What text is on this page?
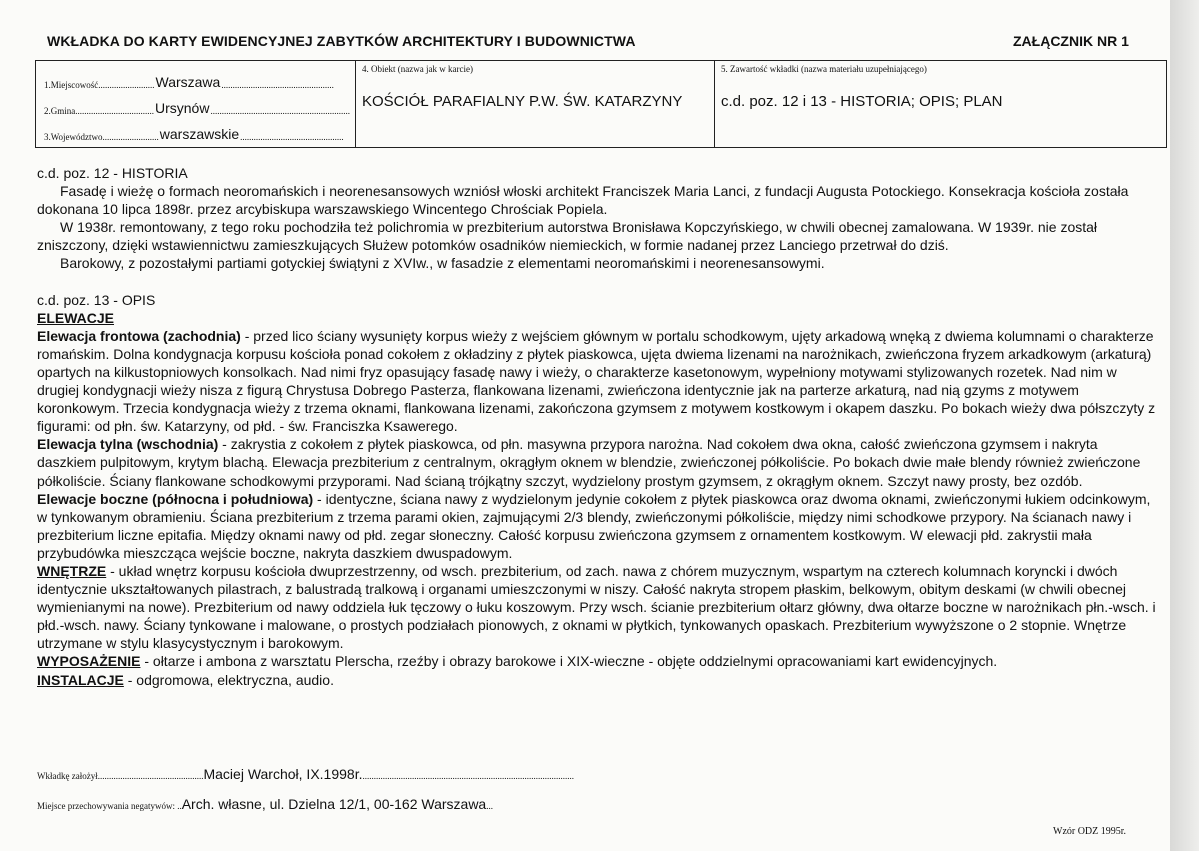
WKŁADKA DO KARTY EWIDENCYJNEJ ZABYTKÓW ARCHITEKTURY I BUDOWNICTWA	ZAŁĄCZNIK NR 1
1.Miejscowość ......................... Warszawa ..................................................
2.Gmina ................................... Ursynów ..............................................................
3.Województwo ......................... warszawskie ..............................................
4. Obiekt (nazwa jak w karcie)
KOŚCIÓŁ PARAFIALNY P.W. ŚW. KATARZYNY
5. Zawartość wkładki (nazwa materiału uzupełniającego)
c.d. poz. 12 i 13 - HISTORIA; OPIS; PLAN

c.d. poz. 12 - HISTORIA

Fasadę i wieżę o formach neoromańskich i neorenesansowych wzniósł włoski architekt Franciszek Maria Lanci, z fundacji Augusta Potockiego. Konsekracja kościoła została dokonana 10 lipca 1898r. przez arcybiskupa warszawskiego Wincentego Chrościak Popiela.

W 1938r. remontowany, z tego roku pochodziła też polichromia w prezbiterium autorstwa Bronisława Kopczyńskiego, w chwili obecnej zamalowana. W 1939r. nie został zniszczony, dzięki wstawiennictwu zamieszkujących Służew potomków osadników niemieckich, w formie nadanej przez Lanciego przetrwał do dziś.

Barokowy, z pozostałymi partiami gotyckiej świątyni z XVIw., w fasadzie z elementami neoromańskimi i neorenesansowymi.

c.d. poz. 13 - OPIS

ELEWACJE

Elewacja frontowa (zachodnia) - przed lico ściany wysunięty korpus wieży z wejściem głównym w portalu schodkowym, ujęty arkadową wnęką z dwiema kolumnami o charakterze romańskim. Dolna kondygnacja korpusu kościoła ponad cokołem z okładziny z płytek piaskowca, ujęta dwiema lizenami na narożnikach, zwieńczona fryzem arkadkowym (arkaturą) opartych na kilkustopniowych konsolkach. Nad nimi fryz opasujący fasadę nawy i wieży, o charakterze kasetonowym, wypełniony motywami stylizowanych rozetek. Nad nim w drugiej kondygnacji wieży nisza z figurą Chrystusa Dobrego Pasterza, flankowana lizenami, zwieńczona identycznie jak na parterze arkaturą, nad nią gzyms z motywem koronkowym. Trzecia kondygnacja wieży z trzema oknami, flankowana lizenami, zakończona gzymsem z motywem kostkowym i okapem daszku. Po bokach wieży dwa półszczyty z figurami: od płn. św. Katarzyny, od płd. - św. Franciszka Ksawerego.

Elewacja tylna (wschodnia) - zakrystia z cokołem z płytek piaskowca, od płn. masywna przypora narożna. Nad cokołem dwa okna, całość zwieńczona gzymsem i nakryta daszkiem pulpitowym, krytym blachą. Elewacja prezbiterium z centralnym, okrągłym oknem w blendzie, zwieńczonej półkoliście. Po bokach dwie małe blendy również zwieńczone półkoliście. Ściany flankowane schodkowymi przyporami. Nad ścianą trójkątny szczyt, wydzielony prostym gzymsem, z okrągłym oknem. Szczyt nawy prosty, bez ozdób.

Elewacje boczne (północna i południowa) - identyczne, ściana nawy z wydzielonym jedynie cokołem z płytek piaskowca oraz dwoma oknami, zwieńczonymi łukiem odcinkowym, w tynkowanym obramieniu. Ściana prezbiterium z trzema parami okien, zajmującymi 2/3 blendy, zwieńczonymi półkoliście, między nimi schodkowe przypory. Na ścianach nawy i prezbiterium liczne epitafia. Między oknami nawy od płd. zegar słoneczny. Całość korpusu zwieńczona gzymsem z ornamentem kostkowym. W elewacji płd. zakrystii mała przybudówka mieszcząca wejście boczne, nakryta daszkiem dwuspadowym.

WNĘTRZE - układ wnętrz korpusu kościoła dwuprzestrzenny, od wsch. prezbiterium, od zach. nawa z chórem muzycznym, wspartym na czterech kolumnach koryncki i dwóch identycznie ukształtowanych pilastrach, z balustradą tralkową i organami umieszczonymi w niszy. Całość nakryta stropem płaskim, belkowym, obitym deskami (w chwili obecnej wymienianymi na nowe). Prezbiterium od nawy oddziela łuk tęczowy o łuku koszowym. Przy wsch. ścianie prezbiterium ołtarz główny, dwa ołtarze boczne w narożnikach płn.-wsch. i płd.-wsch. nawy. Ściany tynkowane i malowane, o prostych podziałach pionowych, z oknami w płytkich, tynkowanych opaskach. Prezbiterium wywyższone o 2 stopnie. Wnętrze utrzymane w stylu klasycystycznym i barokowym.

WYPOSAŻENIE - ołtarze i ambona z warsztatu Plerscha, rzeźby i obrazy barokowe i XIX-wieczne - objęte oddzielnymi opracowaniami kart ewidencyjnych.

INSTALACJE - odgromowa, elektryczna, audio.

Wkładkę założył...............................................Maciej Warchoł, IX.1998r...............................................................................................
Miejsce przechowywania negatywów: ..Arch. własne, ul. Dzielna 12/1, 00-162 Warszawa...
Wzór ODZ 1995r.
